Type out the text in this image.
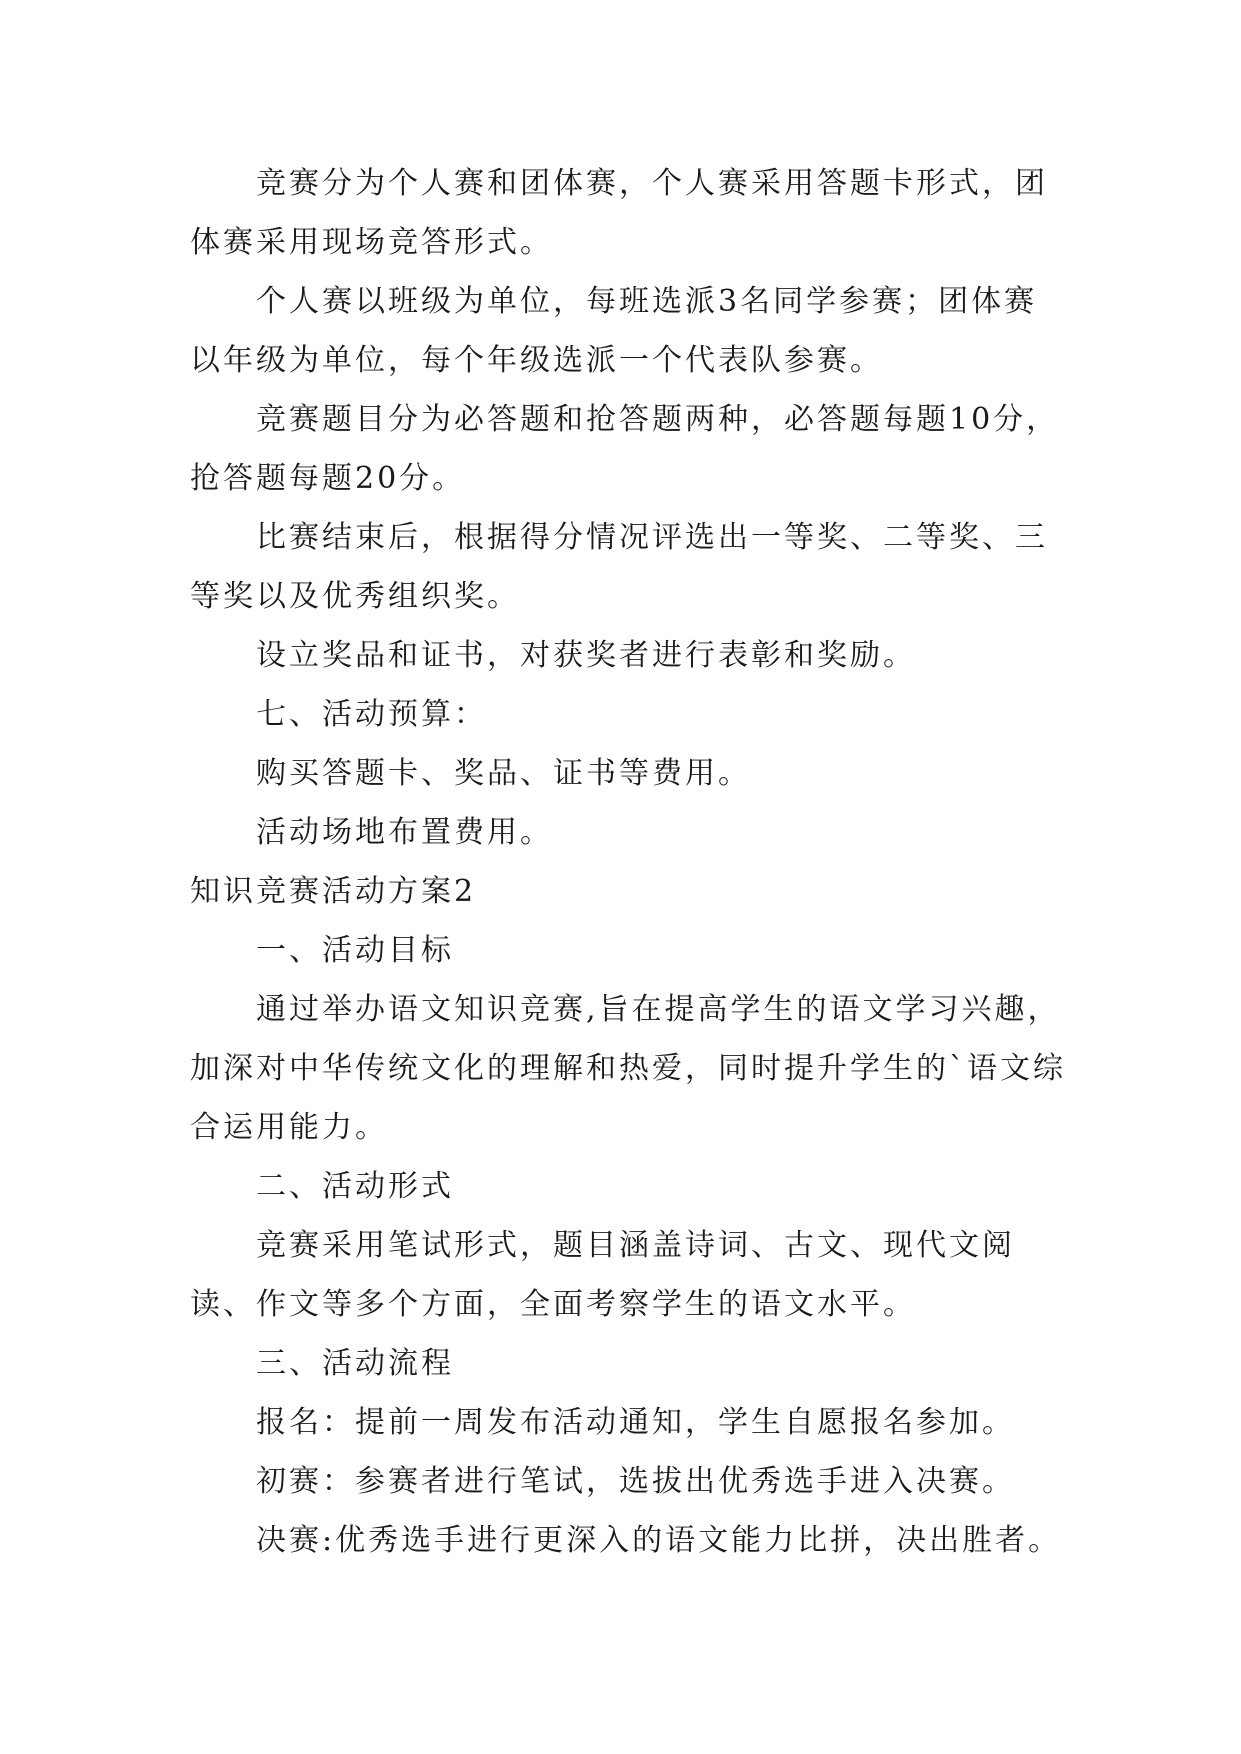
竞赛分为个人赛和团体赛，个人赛采用答题卡形式，团体赛采用现场竞答形式。

个人赛以班级为单位，每班选派3名同学参赛；团体赛以年级为单位，每个年级选派一个代表队参赛。

竞赛题目分为必答题和抢答题两种，必答题每题10分，抢答题每题20分。

比赛结束后，根据得分情况评选出一等奖、二等奖、三等奖以及优秀组织奖。

设立奖品和证书，对获奖者进行表彰和奖励。

七、活动预算：

购买答题卡、奖品、证书等费用。

活动场地布置费用。

知识竞赛活动方案2

一、活动目标

通过举办语文知识竞赛,旨在提高学生的语文学习兴趣，加深对中华传统文化的理解和热爱，同时提升学生的`语文综合运用能力。

二、活动形式

竞赛采用笔试形式，题目涵盖诗词、古文、现代文阅读、作文等多个方面，全面考察学生的语文水平。

三、活动流程

报名：提前一周发布活动通知，学生自愿报名参加。

初赛：参赛者进行笔试，选拔出优秀选手进入决赛。

决赛:优秀选手进行更深入的语文能力比拼，决出胜者。
